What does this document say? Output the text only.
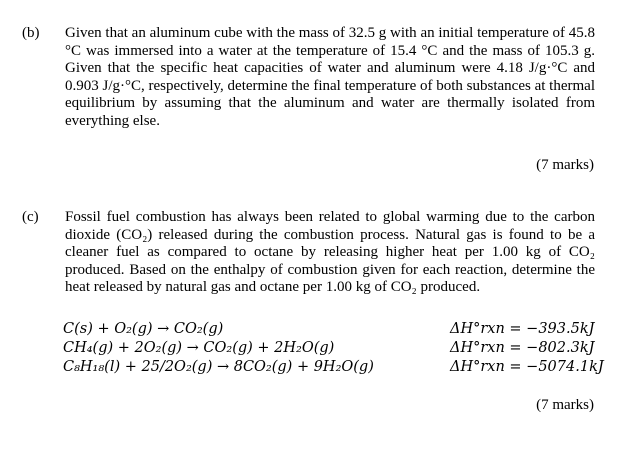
(b) Given that an aluminum cube with the mass of 32.5 g with an initial temperature of 45.8 °C was immersed into a water at the temperature of 15.4 °C and the mass of 105.3 g. Given that the specific heat capacities of water and aluminum were 4.18 J/g·°C and 0.903 J/g·°C, respectively, determine the final temperature of both substances at thermal equilibrium by assuming that the aluminum and water are thermally isolated from everything else.
(7 marks)
(c) Fossil fuel combustion has always been related to global warming due to the carbon dioxide (CO₂) released during the combustion process. Natural gas is found to be a cleaner fuel as compared to octane by releasing higher heat per 1.00 kg of CO₂ produced. Based on the enthalpy of combustion given for each reaction, determine the heat released by natural gas and octane per 1.00 kg of CO₂ produced.
C(s) + O₂(g) → CO₂(g)
CH₄(g) + 2O₂(g) → CO₂(g) + 2H₂O(g)
C₈H₁₈(l) + 25/2O₂(g) → 8CO₂(g) + 9H₂O(g)
ΔH°rxn = −393.5kJ
ΔH°rxn = −802.3kJ
ΔH°rxn = −5074.1kJ
(7 marks)
